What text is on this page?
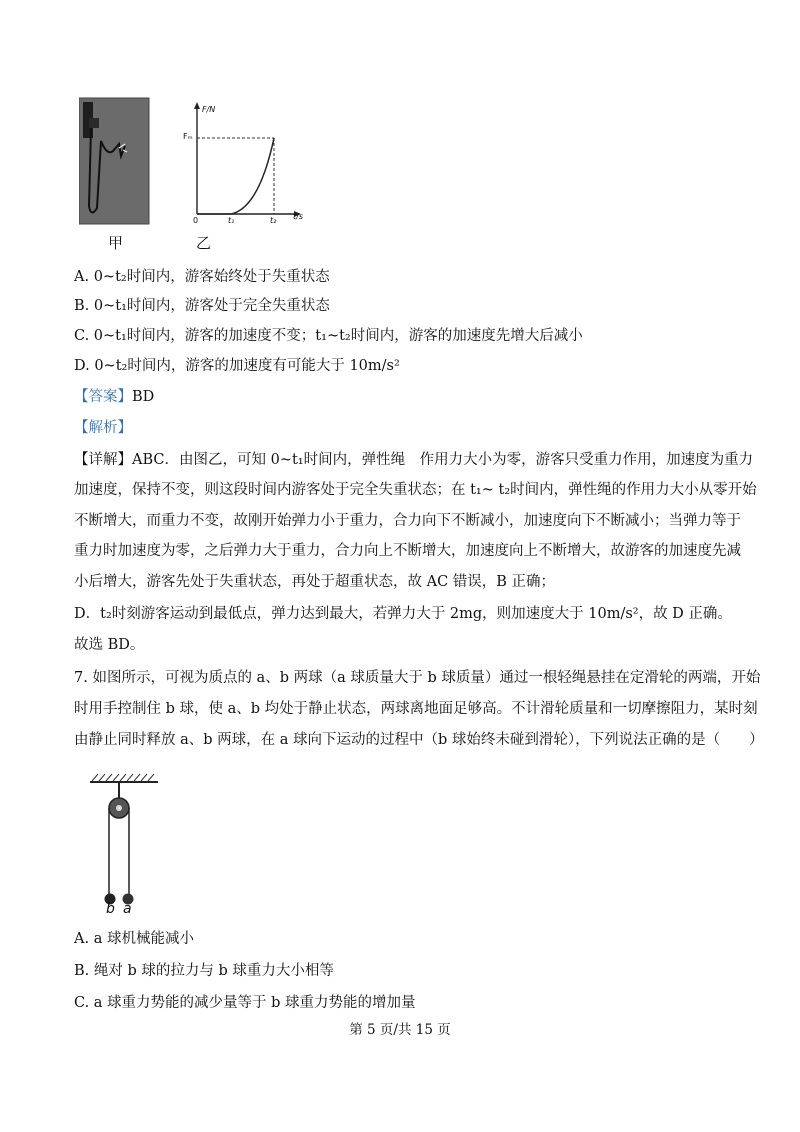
F/N
Fₘ
0	t₁	t₂ t/s
甲	乙
A. 0~t₂时间内，游客始终处于失重状态
B. 0~t₁时间内，游客处于完全失重状态
C. 0~t₁时间内，游客的加速度不变；t₁~t₂时间内，游客的加速度先增大后减小
D. 0~t₂时间内，游客的加速度有可能大于 10m/s²
【答案】BD
【解析】
【详解】ABC．由图乙，可知 0~t₁时间内，弹性绳　作用力大小为零，游客只受重力作用，加速度为重力
加速度，保持不变，则这段时间内游客处于完全失重状态；在 t₁~ t₂时间内，弹性绳的作用力大小从零开始
不断增大，而重力不变，故刚开始弹力小于重力，合力向下不断减小，加速度向下不断减小；当弹力等于
重力时加速度为零，之后弹力大于重力，合力向上不断增大，加速度向上不断增大，故游客的加速度先减
小后增大，游客先处于失重状态，再处于超重状态，故 AC 错误，B 正确；
D．t₂时刻游客运动到最低点，弹力达到最大，若弹力大于 2mg，则加速度大于 10m/s²，故 D 正确。
故选 BD。
7. 如图所示，可视为质点的 a、b 两球（a 球质量大于 b 球质量）通过一根轻绳悬挂在定滑轮的两端，开始
时用手控制住 b 球，使 a、b 均处于静止状态，两球离地面足够高。不计滑轮质量和一切摩擦阻力，某时刻
由静止同时释放 a、b 两球，在 a 球向下运动的过程中（b 球始终未碰到滑轮），下列说法正确的是（　　）
b a
A. a 球机械能减小
B. 绳对 b 球的拉力与 b 球重力大小相等
C. a 球重力势能的减少量等于 b 球重力势能的增加量
第 5 页/共 15 页
